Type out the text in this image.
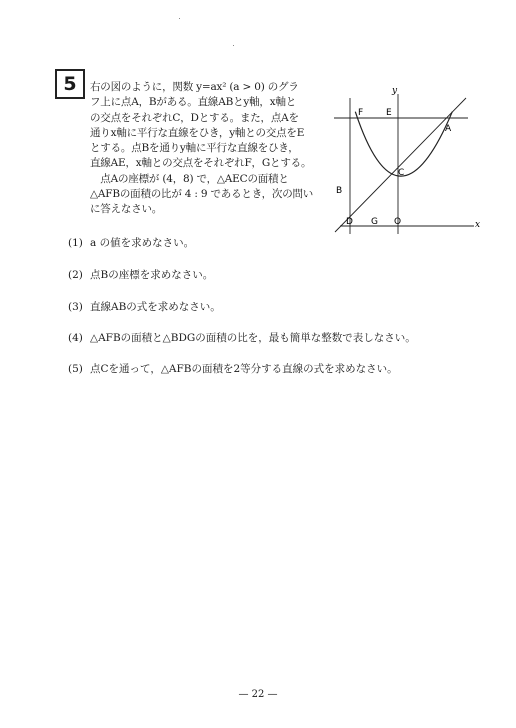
5	右の図のように，関数 y=ax² (a > 0) のグラ

フ上に点A，Bがある。直線ABとy軸，x軸と

の交点をそれぞれC，Dとする。また，点Aを

通りx軸に平行な直線をひき，y軸との交点をE

とする。点Bを通りy軸に平行な直線をひき，

直線AE，x軸との交点をそれぞれF，Gとする。

　点Aの座標が (4，8) で，△AECの面積と

△AFBの面積の比が 4 : 9 であるとき，次の問い

に答えなさい。

y
x
F	E
A
C
B
D G O
(1) a の値を求めなさい。
(2) 点Bの座標を求めなさい。
(3) 直線ABの式を求めなさい。
(4) △AFBの面積と△BDGの面積の比を，最も簡単な整数で表しなさい。
(5) 点Cを通って，△AFBの面積を2等分する直線の式を求めなさい。
— 22 —
